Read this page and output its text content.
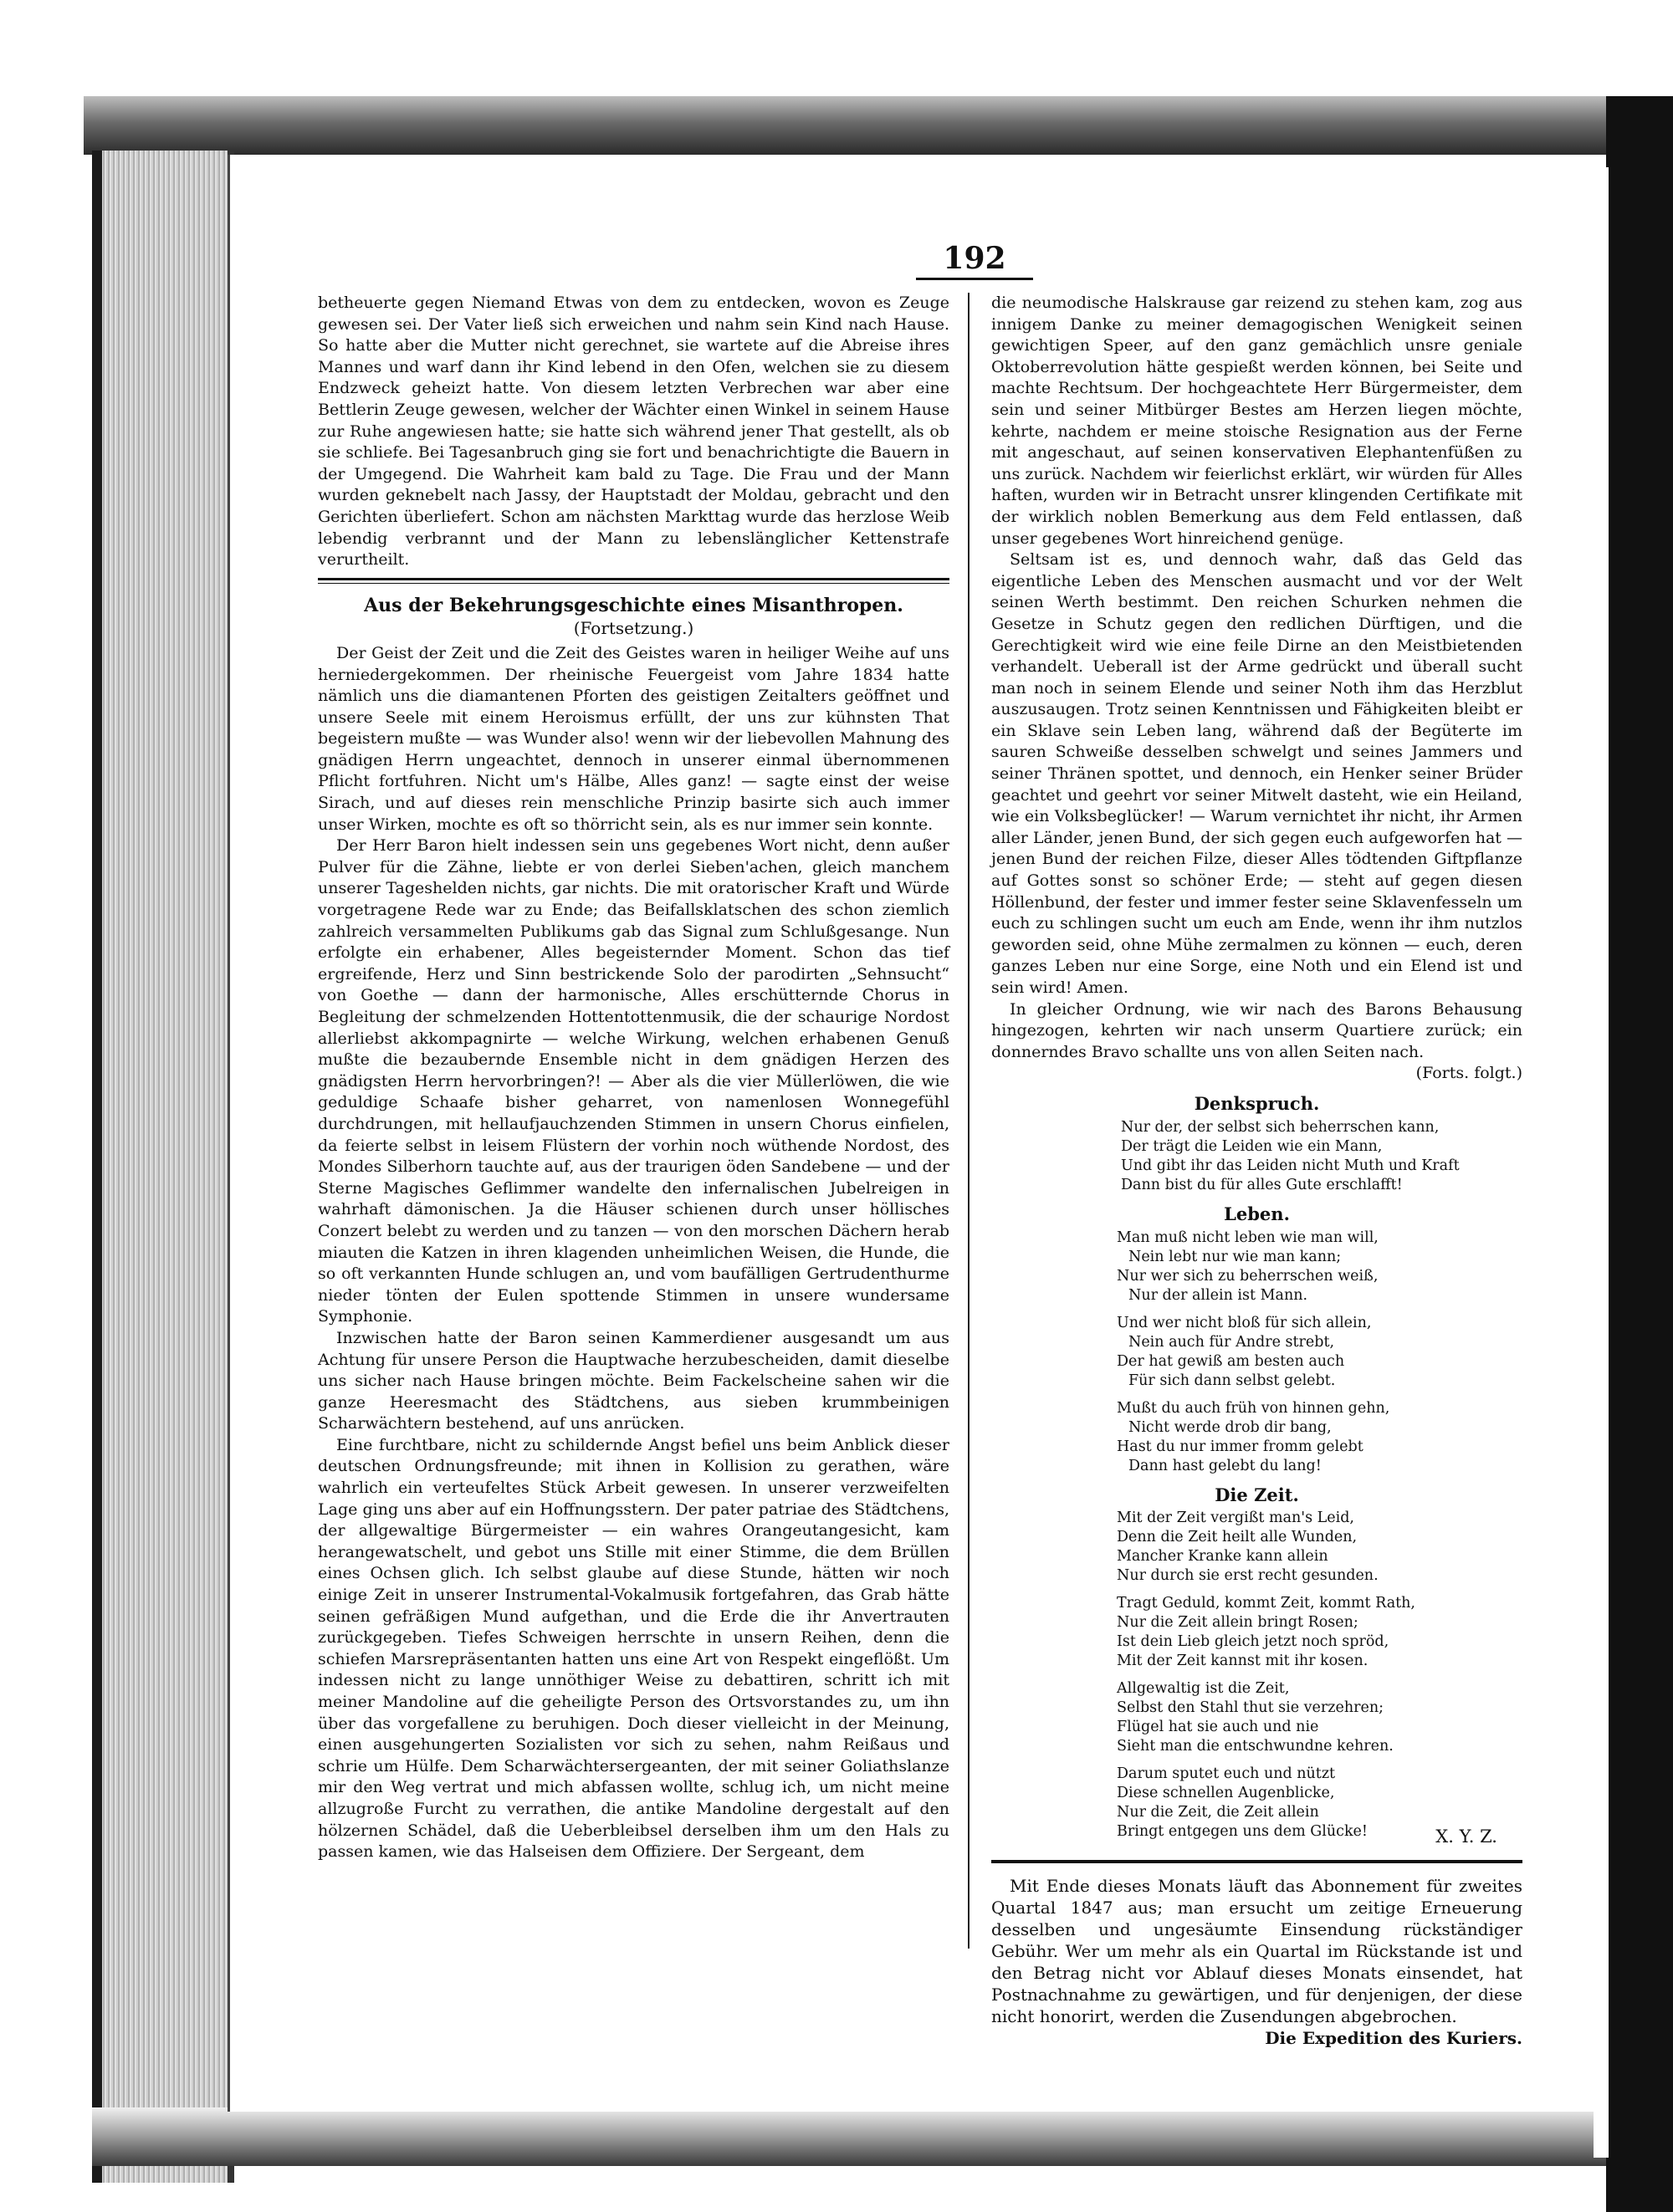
192

betheuerte gegen Niemand Etwas von dem zu entdecken, wovon es Zeuge gewesen sei. Der Vater ließ sich erweichen und nahm sein Kind nach Hause. So hatte aber die Mutter nicht gerechnet, sie wartete auf die Abreise ihres Mannes und warf dann ihr Kind lebend in den Ofen, welchen sie zu diesem Endzweck geheizt hatte. Von diesem letzten Verbrechen war aber eine Bettlerin Zeuge gewesen, welcher der Wächter einen Winkel in seinem Hause zur Ruhe angewiesen hatte; sie hatte sich während jener That gestellt, als ob sie schliefe. Bei Tagesanbruch ging sie fort und benachrichtigte die Bauern in der Umgegend. Die Wahrheit kam bald zu Tage. Die Frau und der Mann wurden geknebelt nach Jassy, der Hauptstadt der Moldau, gebracht und den Gerichten überliefert. Schon am nächsten Markttag wurde das herzlose Weib lebendig verbrannt und der Mann zu lebenslänglicher Kettenstrafe verurtheilt.

Aus der Bekehrungsgeschichte eines Misanthropen.
(Fortsetzung.)

Der Geist der Zeit und die Zeit des Geistes waren in heiliger Weihe auf uns herniedergekommen. Der rheinische Feuergeist vom Jahre 1834 hatte nämlich uns die diamantenen Pforten des geistigen Zeitalters geöffnet und unsere Seele mit einem Heroismus erfüllt, der uns zur kühnsten That begeistern mußte — was Wunder also! wenn wir der liebevollen Mahnung des gnädigen Herrn ungeachtet, dennoch in unserer einmal übernommenen Pflicht fortfuhren. Nicht um's Hälbe, Alles ganz! — sagte einst der weise Sirach, und auf dieses rein menschliche Prinzip basirte sich auch immer unser Wirken, mochte es oft so thörricht sein, als es nur immer sein konnte.

Der Herr Baron hielt indessen sein uns gegebenes Wort nicht, denn außer Pulver für die Zähne, liebte er von derlei Sieben'achen, gleich manchem unserer Tageshelden nichts, gar nichts. Die mit oratorischer Kraft und Würde vorgetragene Rede war zu Ende; das Beifallsklatschen des schon ziemlich zahlreich versammelten Publikums gab das Signal zum Schlußgesange. Nun erfolgte ein erhabener, Alles begeisternder Moment. Schon das tief ergreifende, Herz und Sinn bestrickende Solo der parodirten „Sehnsucht“ von Goethe — dann der harmonische, Alles erschütternde Chorus in Begleitung der schmelzenden Hottentottenmusik, die der schaurige Nordost allerliebst akkompagnirte — welche Wirkung, welchen erhabenen Genuß mußte die bezaubernde Ensemble nicht in dem gnädigen Herzen des gnädigsten Herrn hervorbringen?! — Aber als die vier Müllerlöwen, die wie geduldige Schaafe bisher geharret, von namenlosen Wonnegefühl durchdrungen, mit hellaufjauchzenden Stimmen in unsern Chorus einfielen, da feierte selbst in leisem Flüstern der vorhin noch wüthende Nordost, des Mondes Silberhorn tauchte auf, aus der traurigen öden Sandebene — und der Sterne Magisches Geflimmer wandelte den infernalischen Jubelreigen in wahrhaft dämonischen. Ja die Häuser schienen durch unser höllisches Conzert belebt zu werden und zu tanzen — von den morschen Dächern herab miauten die Katzen in ihren klagenden unheimlichen Weisen, die Hunde, die so oft verkannten Hunde schlugen an, und vom baufälligen Gertrudenthurme nieder tönten der Eulen spottende Stimmen in unsere wundersame Symphonie.

Inzwischen hatte der Baron seinen Kammerdiener ausgesandt um aus Achtung für unsere Person die Hauptwache herzubescheiden, damit dieselbe uns sicher nach Hause bringen möchte. Beim Fackelscheine sahen wir die ganze Heeresmacht des Städtchens, aus sieben krummbeinigen Scharwächtern bestehend, auf uns anrücken.

Eine furchtbare, nicht zu schildernde Angst befiel uns beim Anblick dieser deutschen Ordnungsfreunde; mit ihnen in Kollision zu gerathen, wäre wahrlich ein verteufeltes Stück Arbeit gewesen. In unserer verzweifelten Lage ging uns aber auf ein Hoffnungsstern. Der pater patriae des Städtchens, der allgewaltige Bürgermeister — ein wahres Orangeutangesicht, kam herangewatschelt, und gebot uns Stille mit einer Stimme, die dem Brüllen eines Ochsen glich. Ich selbst glaube auf diese Stunde, hätten wir noch einige Zeit in unserer Instrumental-Vokalmusik fortgefahren, das Grab hätte seinen gefräßigen Mund aufgethan, und die Erde die ihr Anvertrauten zurückgegeben. Tiefes Schweigen herrschte in unsern Reihen, denn die schiefen Marsrepräsentanten hatten uns eine Art von Respekt eingeflößt. Um indessen nicht zu lange unnöthiger Weise zu debattiren, schritt ich mit meiner Mandoline auf die geheiligte Person des Ortsvorstandes zu, um ihn über das vorgefallene zu beruhigen. Doch dieser vielleicht in der Meinung, einen ausgehungerten Sozialisten vor sich zu sehen, nahm Reißaus und schrie um Hülfe. Dem Scharwächtersergeanten, der mit seiner Goliathslanze mir den Weg vertrat und mich abfassen wollte, schlug ich, um nicht meine allzugroße Furcht zu verrathen, die antike Mandoline dergestalt auf den hölzernen Schädel, daß die Ueberbleibsel derselben ihm um den Hals zu passen kamen, wie das Halseisen dem Offiziere. Der Sergeant, dem

die neumodische Halskrause gar reizend zu stehen kam, zog aus innigem Danke zu meiner demagogischen Wenigkeit seinen gewichtigen Speer, auf den ganz gemächlich unsre geniale Oktoberrevolution hätte gespießt werden können, bei Seite und machte Rechtsum. Der hochgeachtete Herr Bürgermeister, dem sein und seiner Mitbürger Bestes am Herzen liegen möchte, kehrte, nachdem er meine stoische Resignation aus der Ferne mit angeschaut, auf seinen konservativen Elephantenfüßen zu uns zurück. Nachdem wir feierlichst erklärt, wir würden für Alles haften, wurden wir in Betracht unsrer klingenden Certifikate mit der wirklich noblen Bemerkung aus dem Feld entlassen, daß unser gegebenes Wort hinreichend genüge.

Seltsam ist es, und dennoch wahr, daß das Geld das eigentliche Leben des Menschen ausmacht und vor der Welt seinen Werth bestimmt. Den reichen Schurken nehmen die Gesetze in Schutz gegen den redlichen Dürftigen, und die Gerechtigkeit wird wie eine feile Dirne an den Meistbietenden verhandelt. Ueberall ist der Arme gedrückt und überall sucht man noch in seinem Elende und seiner Noth ihm das Herzblut auszusaugen. Trotz seinen Kenntnissen und Fähigkeiten bleibt er ein Sklave sein Leben lang, während daß der Begüterte im sauren Schweiße desselben schwelgt und seines Jammers und seiner Thränen spottet, und dennoch, ein Henker seiner Brüder geachtet und geehrt vor seiner Mitwelt dasteht, wie ein Heiland, wie ein Volksbeglücker! — Warum vernichtet ihr nicht, ihr Armen aller Länder, jenen Bund, der sich gegen euch aufgeworfen hat — jenen Bund der reichen Filze, dieser Alles tödtenden Giftpflanze auf Gottes sonst so schöner Erde; — steht auf gegen diesen Höllenbund, der fester und immer fester seine Sklavenfesseln um euch zu schlingen sucht um euch am Ende, wenn ihr ihm nutzlos geworden seid, ohne Mühe zermalmen zu können — euch, deren ganzes Leben nur eine Sorge, eine Noth und ein Elend ist und sein wird! Amen.

In gleicher Ordnung, wie wir nach des Barons Behausung hingezogen, kehrten wir nach unserm Quartiere zurück; ein donnerndes Bravo schallte uns von allen Seiten nach.
(Forts. folgt.)

Denkspruch.
Nur der, der selbst sich beherrschen kann,
Der trägt die Leiden wie ein Mann,
Und gibt ihr das Leiden nicht Muth und Kraft
Dann bist du für alles Gute erschlafft!
Leben.
Man muß nicht leben wie man will,
Nein lebt nur wie man kann;
Nur wer sich zu beherrschen weiß,
Nur der allein ist Mann.
Und wer nicht bloß für sich allein,
Nein auch für Andre strebt,
Der hat gewiß am besten auch
Für sich dann selbst gelebt.
Mußt du auch früh von hinnen gehn,
Nicht werde drob dir bang,
Hast du nur immer fromm gelebt
Dann hast gelebt du lang!
Die Zeit.
Mit der Zeit vergißt man's Leid,
Denn die Zeit heilt alle Wunden,
Mancher Kranke kann allein
Nur durch sie erst recht gesunden.
Tragt Geduld, kommt Zeit, kommt Rath,
Nur die Zeit allein bringt Rosen;
Ist dein Lieb gleich jetzt noch spröd,
Mit der Zeit kannst mit ihr kosen.
Allgewaltig ist die Zeit,
Selbst den Stahl thut sie verzehren;
Flügel hat sie auch und nie
Sieht man die entschwundne kehren.
Darum sputet euch und nützt
Diese schnellen Augenblicke,
Nur die Zeit, die Zeit allein
Bringt entgegen uns dem Glücke!	X. Y. Z.

Mit Ende dieses Monats läuft das Abonnement für zweites Quartal 1847 aus; man ersucht um zeitige Erneuerung desselben und ungesäumte Einsendung rückständiger Gebühr. Wer um mehr als ein Quartal im Rückstande ist und den Betrag nicht vor Ablauf dieses Monats einsendet, hat Postnachnahme zu gewärtigen, und für denjenigen, der diese nicht honorirt, werden die Zusendungen abgebrochen.

Die Expedition des Kuriers.
